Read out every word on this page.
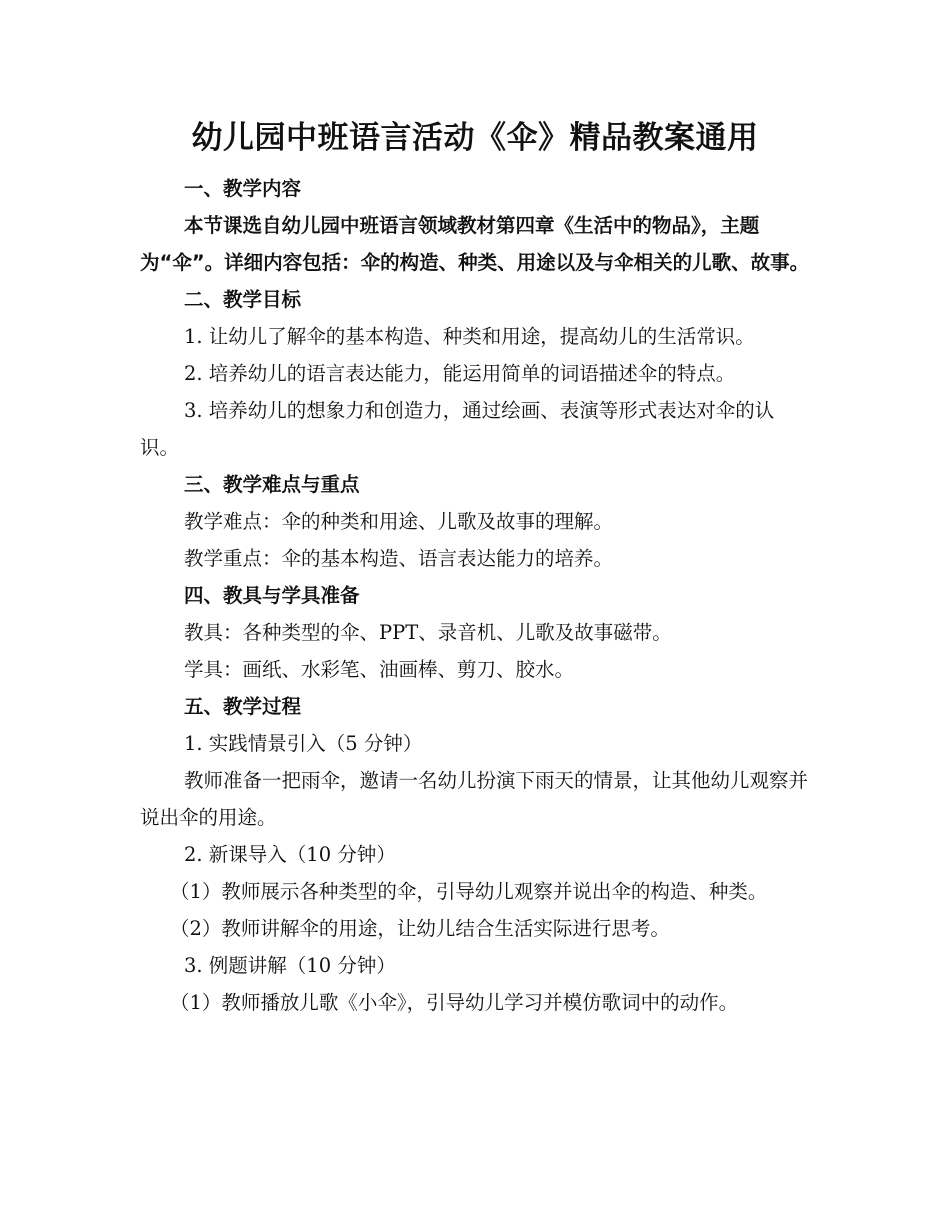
幼儿园中班语言活动《伞》精品教案通用

一、教学内容

本节课选自幼儿园中班语言领域教材第四章《生活中的物品》，主题为“伞”。详细内容包括：伞的构造、种类、用途以及与伞相关的儿歌、故事。

二、教学目标

1. 让幼儿了解伞的基本构造、种类和用途，提高幼儿的生活常识。

2. 培养幼儿的语言表达能力，能运用简单的词语描述伞的特点。

3. 培养幼儿的想象力和创造力，通过绘画、表演等形式表达对伞的认识。

三、教学难点与重点

教学难点：伞的种类和用途、儿歌及故事的理解。

教学重点：伞的基本构造、语言表达能力的培养。

四、教具与学具准备

教具：各种类型的伞、PPT、录音机、儿歌及故事磁带。

学具：画纸、水彩笔、油画棒、剪刀、胶水。

五、教学过程

1. 实践情景引入（5 分钟）

教师准备一把雨伞，邀请一名幼儿扮演下雨天的情景，让其他幼儿观察并说出伞的用途。

2. 新课导入（10 分钟）

（1）教师展示各种类型的伞，引导幼儿观察并说出伞的构造、种类。

（2）教师讲解伞的用途，让幼儿结合生活实际进行思考。

3. 例题讲解（10 分钟）

（1）教师播放儿歌《小伞》，引导幼儿学习并模仿歌词中的动作。
